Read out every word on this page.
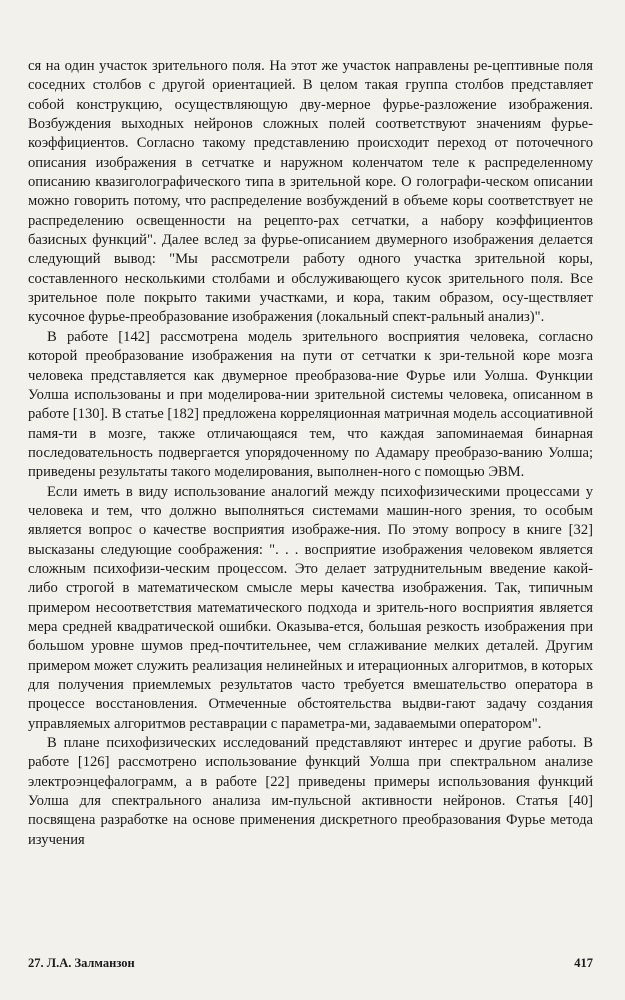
ся на один участок зрительного поля. На этот же участок направлены ре-цептивные поля соседних столбов с другой ориентацией. В целом такая группа столбов представляет собой конструкцию, осуществляющую дву-мерное фурье-разложение изображения. Возбуждения выходных нейронов сложных полей соответствуют значениям фурье-коэффициентов. Согласно такому представлению происходит переход от поточечного описания изображения в сетчатке и наружном коленчатом теле к распределенному описанию квазиголографического типа в зрительной коре. О голографи-ческом описании можно говорить потому, что распределение возбуждений в объеме коры соответствует не распределению освещенности на рецепто-рах сетчатки, а набору коэффициентов базисных функций". Далее вслед за фурье-описанием двумерного изображения делается следующий вывод: "Мы рассмотрели работу одного участка зрительной коры, составленного несколькими столбами и обслуживающего кусок зрительного поля. Все зрительное поле покрыто такими участками, и кора, таким образом, осу-ществляет кусочное фурье-преобразование изображения (локальный спект-ральный анализ)".

В работе [142] рассмотрена модель зрительного восприятия человека, согласно которой преобразование изображения на пути от сетчатки к зри-тельной коре мозга человека представляется как двумерное преобразова-ние Фурье или Уолша. Функции Уолша использованы и при моделирова-нии зрительной системы человека, описанном в работе [130]. В статье [182] предложена корреляционная матричная модель ассоциативной памя-ти в мозге, также отличающаяся тем, что каждая запоминаемая бинарная последовательность подвергается упорядоченному по Адамару преобразо-ванию Уолша; приведены результаты такого моделирования, выполнен-ного с помощью ЭВМ.

Если иметь в виду использование аналогий между психофизическими процессами у человека и тем, что должно выполняться системами машин-ного зрения, то особым является вопрос о качестве восприятия изображе-ния. По этому вопросу в книге [32] высказаны следующие соображения: ". . . восприятие изображения человеком является сложным психофизи-ческим процессом. Это делает затруднительным введение какой-либо строгой в математическом смысле меры качества изображения. Так, типичным примером несоответствия математического подхода и зритель-ного восприятия является мера средней квадратической ошибки. Оказыва-ется, большая резкость изображения при большом уровне шумов пред-почтительнее, чем сглаживание мелких деталей. Другим примером может служить реализация нелинейных и итерационных алгоритмов, в которых для получения приемлемых результатов часто требуется вмешательство оператора в процессе восстановления. Отмеченные обстоятельства выдви-гают задачу создания управляемых алгоритмов реставрации с параметра-ми, задаваемыми оператором".

В плане психофизических исследований представляют интерес и другие работы. В работе [126] рассмотрено использование функций Уолша при спектральном анализе электроэнцефалограмм, а в работе [22] приведены примеры использования функций Уолша для спектрального анализа им-пульсной активности нейронов. Статья [40] посвящена разработке на основе применения дискретного преобразования Фурье метода изучения

27. Л.А. Залманзон	417
